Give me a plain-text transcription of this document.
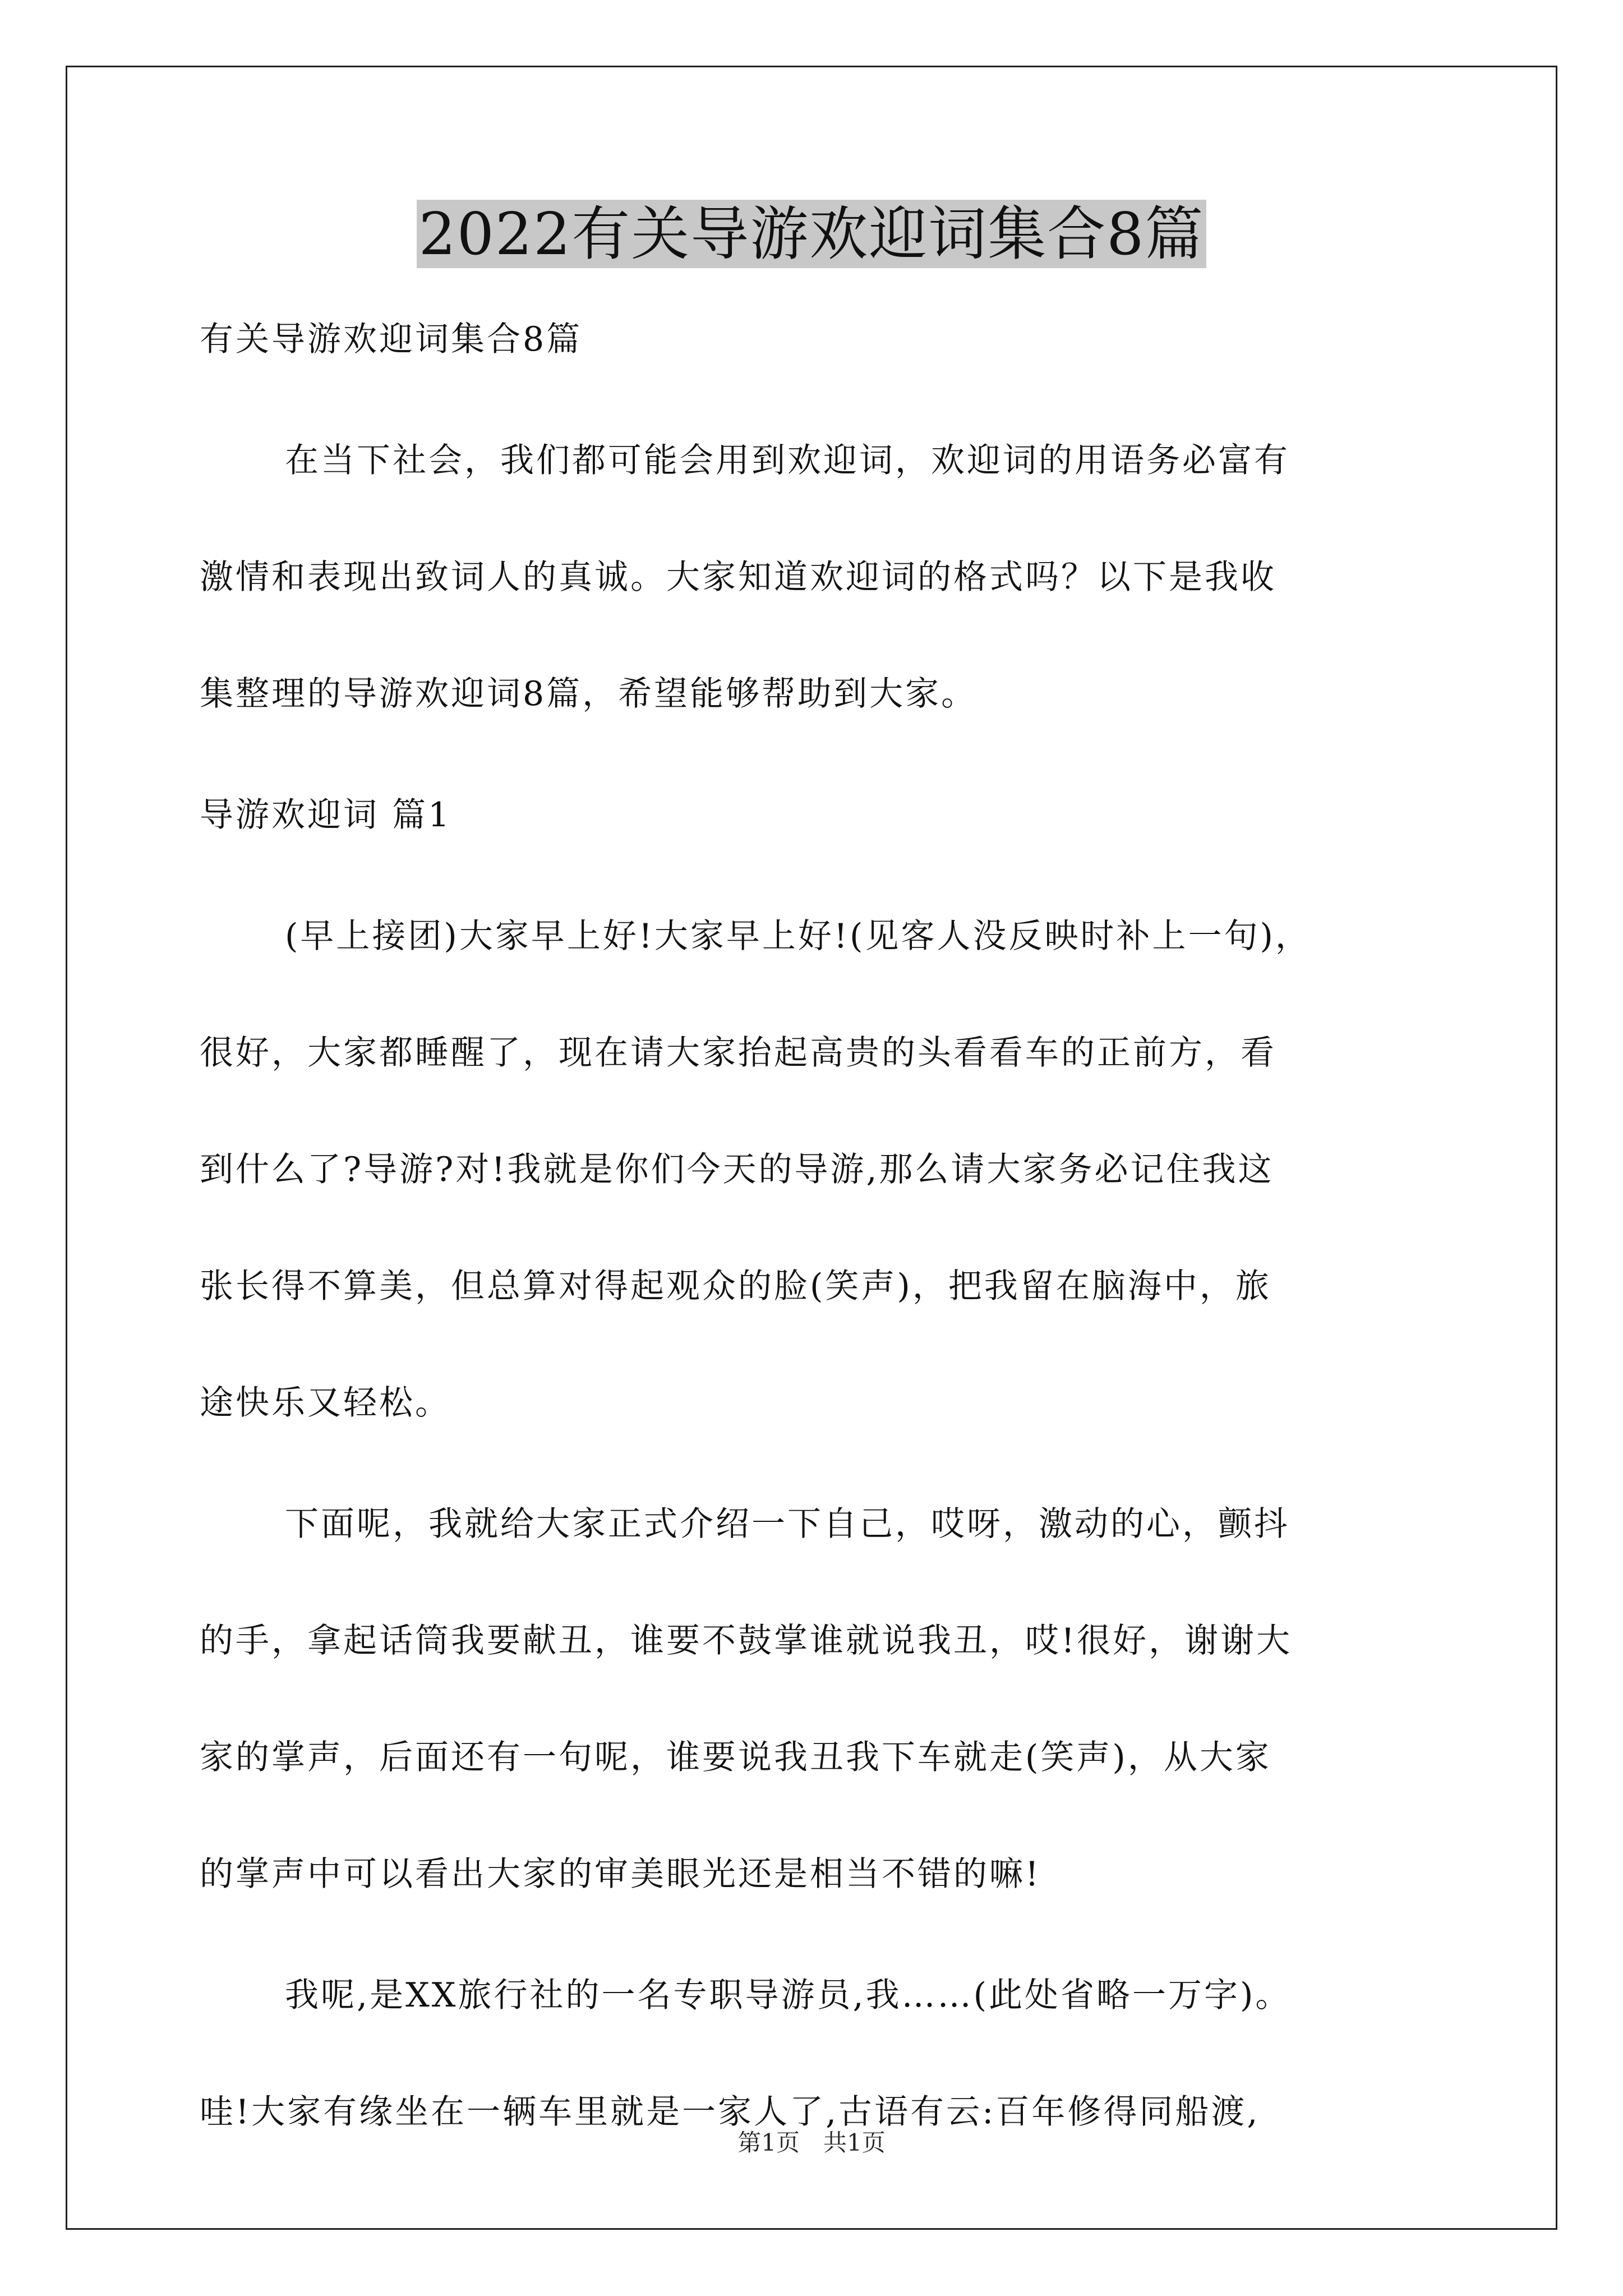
2022有关导游欢迎词集合8篇
有关导游欢迎词集合8篇
在当下社会，我们都可能会用到欢迎词，欢迎词的用语务必富有
激情和表现出致词人的真诚。大家知道欢迎词的格式吗？以下是我收
集整理的导游欢迎词8篇，希望能够帮助到大家。
导游欢迎词 篇1
(早上接团)大家早上好!大家早上好!(见客人没反映时补上一句)，
很好，大家都睡醒了，现在请大家抬起高贵的头看看车的正前方，看
到什么了?导游?对!我就是你们今天的导游,那么请大家务必记住我这
张长得不算美，但总算对得起观众的脸(笑声)，把我留在脑海中，旅
途快乐又轻松。
下面呢，我就给大家正式介绍一下自己，哎呀，激动的心，颤抖
的手，拿起话筒我要献丑，谁要不鼓掌谁就说我丑，哎!很好，谢谢大
家的掌声，后面还有一句呢，谁要说我丑我下车就走(笑声)，从大家
的掌声中可以看出大家的审美眼光还是相当不错的嘛!
我呢,是XX旅行社的一名专职导游员,我……(此处省略一万字)。
哇!大家有缘坐在一辆车里就是一家人了,古语有云:百年修得同船渡,
第1页　共1页
